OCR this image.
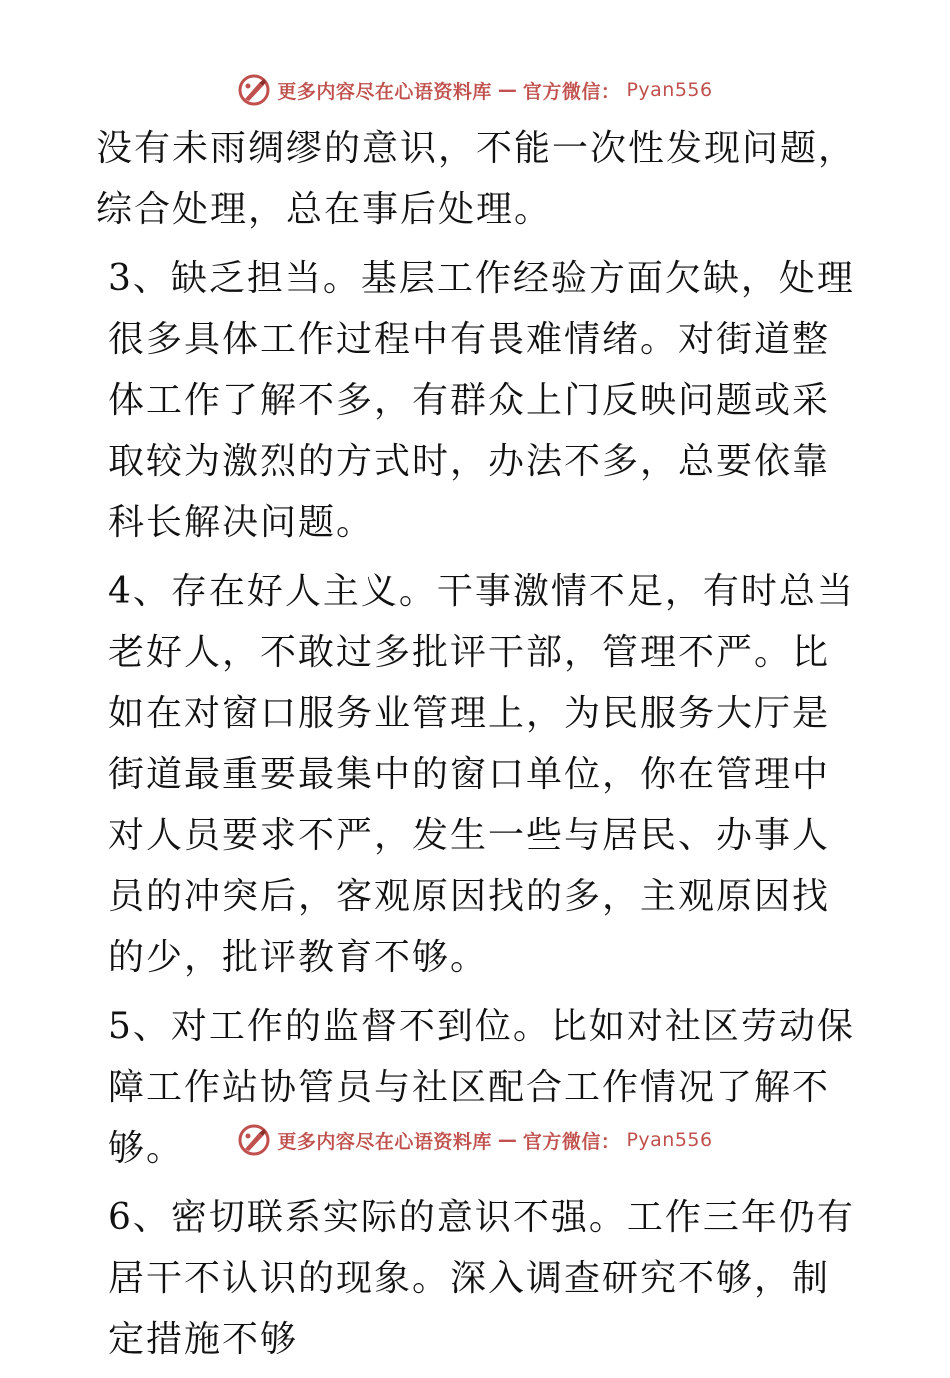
更多内容尽在心语资料库 — 官方微信： Pyan556

没有未雨绸缪的意识，不能一次性发现问题，综合处理，总在事后处理。

3、缺乏担当。基层工作经验方面欠缺，处理很多具体工作过程中有畏难情绪。对街道整体工作了解不多，有群众上门反映问题或采取较为激烈的方式时，办法不多，总要依靠科长解决问题。

4、存在好人主义。干事激情不足，有时总当老好人，不敢过多批评干部，管理不严。比如在对窗口服务业管理上，为民服务大厅是街道最重要最集中的窗口单位，你在管理中对人员要求不严，发生一些与居民、办事人员的冲突后，客观原因找的多，主观原因找的少，批评教育不够。

5、对工作的监督不到位。比如对社区劳动保障工作站协管员与社区配合工作情况了解不够。

6、密切联系实际的意识不强。工作三年仍有居干不认识的现象。深入调查研究不够，制定措施不够

更多内容尽在心语资料库 — 官方微信： Pyan556
